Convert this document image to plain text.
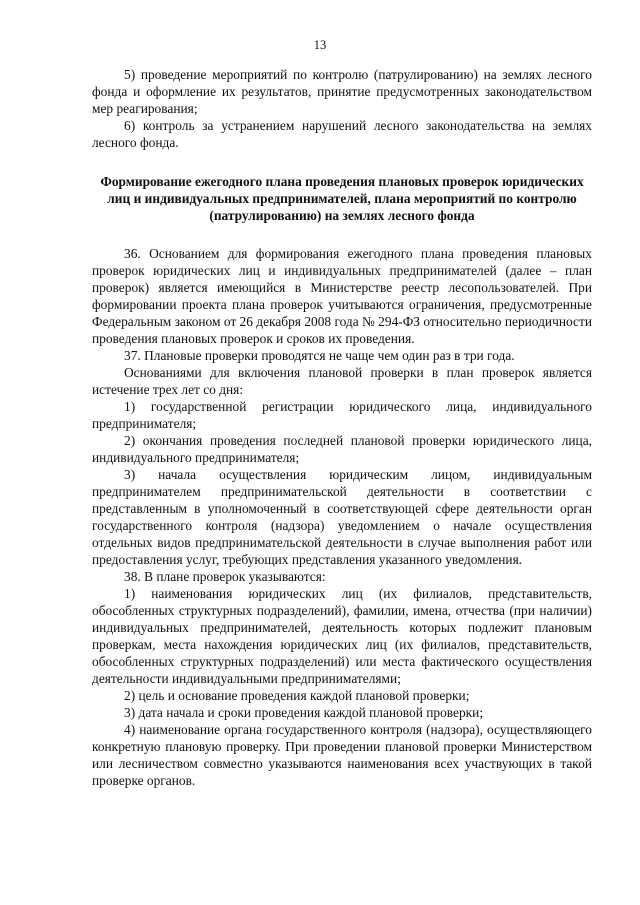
13

5) проведение мероприятий по контролю (патрулированию) на землях лесного фонда и оформление их результатов, принятие предусмотренных законодательством мер реагирования;

6) контроль за устранением нарушений лесного законодательства на землях лесного фонда.

Формирование ежегодного плана проведения плановых проверок юридических лиц и индивидуальных предпринимателей, плана мероприятий по контролю (патрулированию) на землях лесного фонда

36. Основанием для формирования ежегодного плана проведения плановых проверок юридических лиц и индивидуальных предпринимателей (далее – план проверок) является имеющийся в Министерстве реестр лесопользователей. При формировании проекта плана проверок учитываются ограничения, предусмотренные Федеральным законом от 26 декабря 2008 года № 294-ФЗ относительно периодичности проведения плановых проверок и сроков их проведения.

37. Плановые проверки проводятся не чаще чем один раз в три года.

Основаниями для включения плановой проверки в план проверок является истечение трех лет со дня:

1) государственной регистрации юридического лица, индивидуального предпринимателя;

2) окончания проведения последней плановой проверки юридического лица, индивидуального предпринимателя;

3) начала осуществления юридическим лицом, индивидуальным предпринимателем предпринимательской деятельности в соответствии с представленным в уполномоченный в соответствующей сфере деятельности орган государственного контроля (надзора) уведомлением о начале осуществления отдельных видов предпринимательской деятельности в случае выполнения работ или предоставления услуг, требующих представления указанного уведомления.

38. В плане проверок указываются:

1) наименования юридических лиц (их филиалов, представительств, обособленных структурных подразделений), фамилии, имена, отчества (при наличии) индивидуальных предпринимателей, деятельность которых подлежит плановым проверкам, места нахождения юридических лиц (их филиалов, представительств, обособленных структурных подразделений) или места фактического осуществления деятельности индивидуальными предпринимателями;

2) цель и основание проведения каждой плановой проверки;

3) дата начала и сроки проведения каждой плановой проверки;

4) наименование органа государственного контроля (надзора), осуществляющего конкретную плановую проверку. При проведении плановой проверки Министерством или лесничеством совместно указываются наименования всех участвующих в такой проверке органов.
